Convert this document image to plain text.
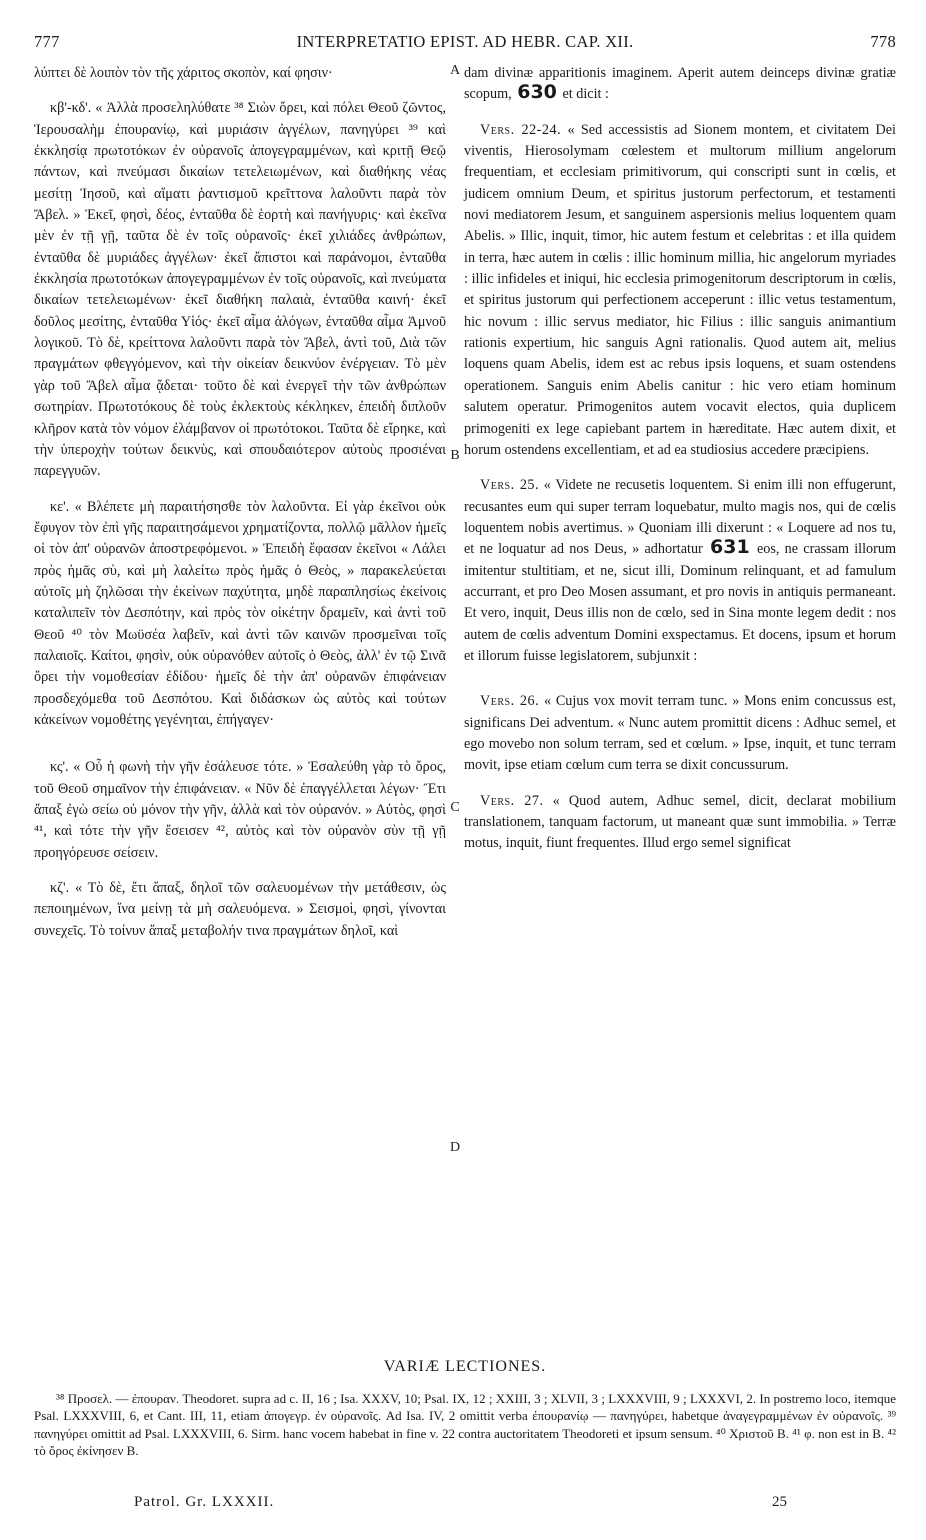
777	INTERPRETATIO EPIST. AD HEBR. CAP. XII.	778

λύπτει δὲ λοιπὸν τὸν τῆς χάριτος σκοπὸν, καί φησιν·

κβ'-κδ'. « Ἀλλὰ προσεληλύθατε ³⁸ Σιὼν ὄρει, καὶ πόλει Θεοῦ ζῶντος, Ἱερουσαλὴμ ἐπουρανίῳ, καὶ μυριάσιν ἀγγέλων, πανηγύρει ³⁹ καὶ ἐκκλησίᾳ πρωτοτόκων ἐν οὐρανοῖς ἀπογεγραμμένων, καὶ κριτῇ Θεῷ πάντων, καὶ πνεύμασι δικαίων τετελειωμένων, καὶ διαθήκης νέας μεσίτῃ Ἰησοῦ, καὶ αἵματι ῥαντισμοῦ κρεῖττονα λαλοῦντι παρὰ τὸν Ἄβελ. » Ἐκεῖ, φησὶ, δέος, ἐνταῦθα δὲ ἑορτὴ καὶ πανήγυρις· καὶ ἐκεῖνα μὲν ἐν τῇ γῇ, ταῦτα δὲ ἐν τοῖς οὐρανοῖς· ἐκεῖ χιλιάδες ἀνθρώπων, ἐνταῦθα δὲ μυριάδες ἀγγέλων· ἐκεῖ ἄπιστοι καὶ παράνομοι, ἐνταῦθα ἐκκλησία πρωτοτόκων ἀπογεγραμμένων ἐν τοῖς οὐρανοῖς, καὶ πνεύματα δικαίων τετελειωμένων· ἐκεῖ διαθήκη παλαιὰ, ἐνταῦθα καινή· ἐκεῖ δοῦλος μεσίτης, ἐνταῦθα Υἱός· ἐκεῖ αἷμα ἀλόγων, ἐνταῦθα αἷμα Ἀμνοῦ λογικοῦ. Τὸ δὲ, κρείττονα λαλοῦντι παρὰ τὸν Ἄβελ, ἀντὶ τοῦ, Διὰ τῶν πραγμάτων φθεγγόμενον, καὶ τὴν οἰκείαν δεικνύον ἐνέργειαν. Τὸ μὲν γὰρ τοῦ Ἄβελ αἷμα ᾄδεται· τοῦτο δὲ καὶ ἐνεργεῖ τὴν τῶν ἀνθρώπων σωτηρίαν. Πρωτοτόκους δὲ τοὺς ἐκλεκτοὺς κέκληκεν, ἐπειδὴ διπλοῦν κλῆρον κατὰ τὸν νόμον ἐλάμβανον οἱ πρωτότοκοι. Ταῦτα δὲ εἴρηκε, καὶ τὴν ὑπεροχὴν τούτων δεικνὺς, καὶ σπουδαιότερον αὐτοὺς προσιέναι παρεγγυῶν.

κε'. « Βλέπετε μὴ παραιτήσησθε τὸν λαλοῦντα. Εἰ γὰρ ἐκεῖνοι οὐκ ἔφυγον τὸν ἐπὶ γῆς παραιτησάμενοι χρηματίζοντα, πολλῷ μᾶλλον ἡμεῖς οἱ τὸν ἀπ' οὐρανῶν ἀποστρεφόμενοι. » Ἐπειδὴ ἔφασαν ἐκεῖνοι « Λάλει πρὸς ἡμᾶς σὺ, καὶ μὴ λαλείτω πρὸς ἡμᾶς ὁ Θεὸς, » παρακελεύεται αὐτοῖς μὴ ζηλῶσαι τὴν ἐκείνων παχύτητα, μηδὲ παραπλησίως ἐκείνοις καταλιπεῖν τὸν Δεσπότην, καὶ πρὸς τὸν οἰκέτην δραμεῖν, καὶ ἀντὶ τοῦ Θεοῦ ⁴⁰ τὸν Μωϋσέα λαβεῖν, καὶ ἀντὶ τῶν καινῶν προσμεῖναι τοῖς παλαιοῖς. Καίτοι, φησὶν, οὐκ οὐρανόθεν αὐτοῖς ὁ Θεὸς, ἀλλ' ἐν τῷ Σινᾶ ὄρει τὴν νομοθεσίαν ἐδίδου· ἡμεῖς δὲ τὴν ἀπ' οὐρανῶν ἐπιφάνειαν προσδεχόμεθα τοῦ Δεσπότου. Καὶ διδάσκων ὡς αὐτὸς καὶ τούτων κἀκείνων νομοθέτης γεγένηται, ἐπήγαγεν·

κς'. « Οὗ ἡ φωνὴ τὴν γῆν ἐσάλευσε τότε. » Ἐσαλεύθη γὰρ τὸ ὄρος, τοῦ Θεοῦ σημαῖνον τὴν ἐπιφάνειαν. « Νῦν δὲ ἐπαγγέλλεται λέγων· Ἔτι ἅπαξ ἐγὼ σείω οὐ μόνον τὴν γῆν, ἀλλὰ καὶ τὸν οὐρανόν. » Αὐτὸς, φησὶ ⁴¹, καὶ τότε τὴν γῆν ἔσεισεν ⁴², αὐτὸς καὶ τὸν οὐρανὸν σὺν τῇ γῇ προηγόρευσε σείσειν.

κζ'. « Τὸ δὲ, ἔτι ἅπαξ, δηλοῖ τῶν σαλευομένων τὴν μετάθεσιν, ὡς πεποιημένων, ἵνα μείνῃ τὰ μὴ σαλευόμενα. » Σεισμοὶ, φησὶ, γίνονται συνεχεῖς. Τὸ τοίνυν ἅπαξ μεταβολήν τινα πραγμάτων δηλοῖ, καὶ

A
B
C
D

dam divinæ apparitionis imaginem. Aperit autem deinceps divinæ gratiæ scopum, 630 et dicit :

Vers. 22-24. « Sed accessistis ad Sionem montem, et civitatem Dei viventis, Hierosolymam cœlestem et multorum millium angelorum frequentiam, et ecclesiam primitivorum, qui conscripti sunt in cœlis, et judicem omnium Deum, et spiritus justorum perfectorum, et testamenti novi mediatorem Jesum, et sanguinem aspersionis melius loquentem quam Abelis. » Illic, inquit, timor, hic autem festum et celebritas : et illa quidem in terra, hæc autem in cœlis : illic hominum millia, hic angelorum myriades : illic infideles et iniqui, hic ecclesia primogenitorum descriptorum in cœlis, et spiritus justorum qui perfectionem acceperunt : illic vetus testamentum, hic novum : illic servus mediator, hic Filius : illic sanguis animantium rationis expertium, hic sanguis Agni rationalis. Quod autem ait, melius loquens quam Abelis, idem est ac rebus ipsis loquens, et suam ostendens operationem. Sanguis enim Abelis canitur : hic vero etiam hominum salutem operatur. Primogenitos autem vocavit electos, quia duplicem primogeniti ex lege capiebant partem in hæreditate. Hæc autem dixit, et horum ostendens excellentiam, et ad ea studiosius accedere præcipiens.

Vers. 25. « Videte ne recusetis loquentem. Si enim illi non effugerunt, recusantes eum qui super terram loquebatur, multo magis nos, qui de cœlis loquentem nobis avertimus. » Quoniam illi dixerunt : « Loquere ad nos tu, et ne loquatur ad nos Deus, » adhortatur 631 eos, ne crassam illorum imitentur stultitiam, et ne, sicut illi, Dominum relinquant, et ad famulum accurrant, et pro Deo Mosen assumant, et pro novis in antiquis permaneant. Et vero, inquit, Deus illis non de cœlo, sed in Sina monte legem dedit : nos autem de cœlis adventum Domini exspectamus. Et docens, ipsum et horum et illorum fuisse legislatorem, subjunxit :

Vers. 26. « Cujus vox movit terram tunc. » Mons enim concussus est, significans Dei adventum. « Nunc autem promittit dicens : Adhuc semel, et ego movebo non solum terram, sed et cœlum. » Ipse, inquit, et tunc terram movit, ipse etiam cœlum cum terra se dixit concussurum.

Vers. 27. « Quod autem, Adhuc semel, dicit, declarat mobilium translationem, tanquam factorum, ut maneant quæ sunt immobilia. » Terræ motus, inquit, fiunt frequentes. Illud ergo semel significat

VARIÆ LECTIONES.

³⁸ Προσελ. — ἐπουραν. Theodoret. supra ad c. II, 16 ; Isa. XXXV, 10; Psal. IX, 12 ; XXIII, 3 ; XLVII, 3 ; LXXXVIII, 9 ; LXXXVI, 2. In postremo loco, itemque Psal. LXXXVIII, 6, et Cant. III, 11, etiam ἀπογεγρ. ἐν οὐρανοῖς. Ad Isa. IV, 2 omittit verba ἐπουρανίῳ — πανηγύρει, habetque ἀναγεγραμμένων ἐν οὐρανοῖς. ³⁹ πανηγύρει omittit ad Psal. LXXXVIII, 6. Sirm. hanc vocem habebat in fine v. 22 contra auctoritatem Theodoreti et ipsum sensum. ⁴⁰ Χριστοῦ B. ⁴¹ φ. non est in B. ⁴² τὸ ὄρος ἐκίνησεν B.

Patrol. Gr. LXXXII.	25
